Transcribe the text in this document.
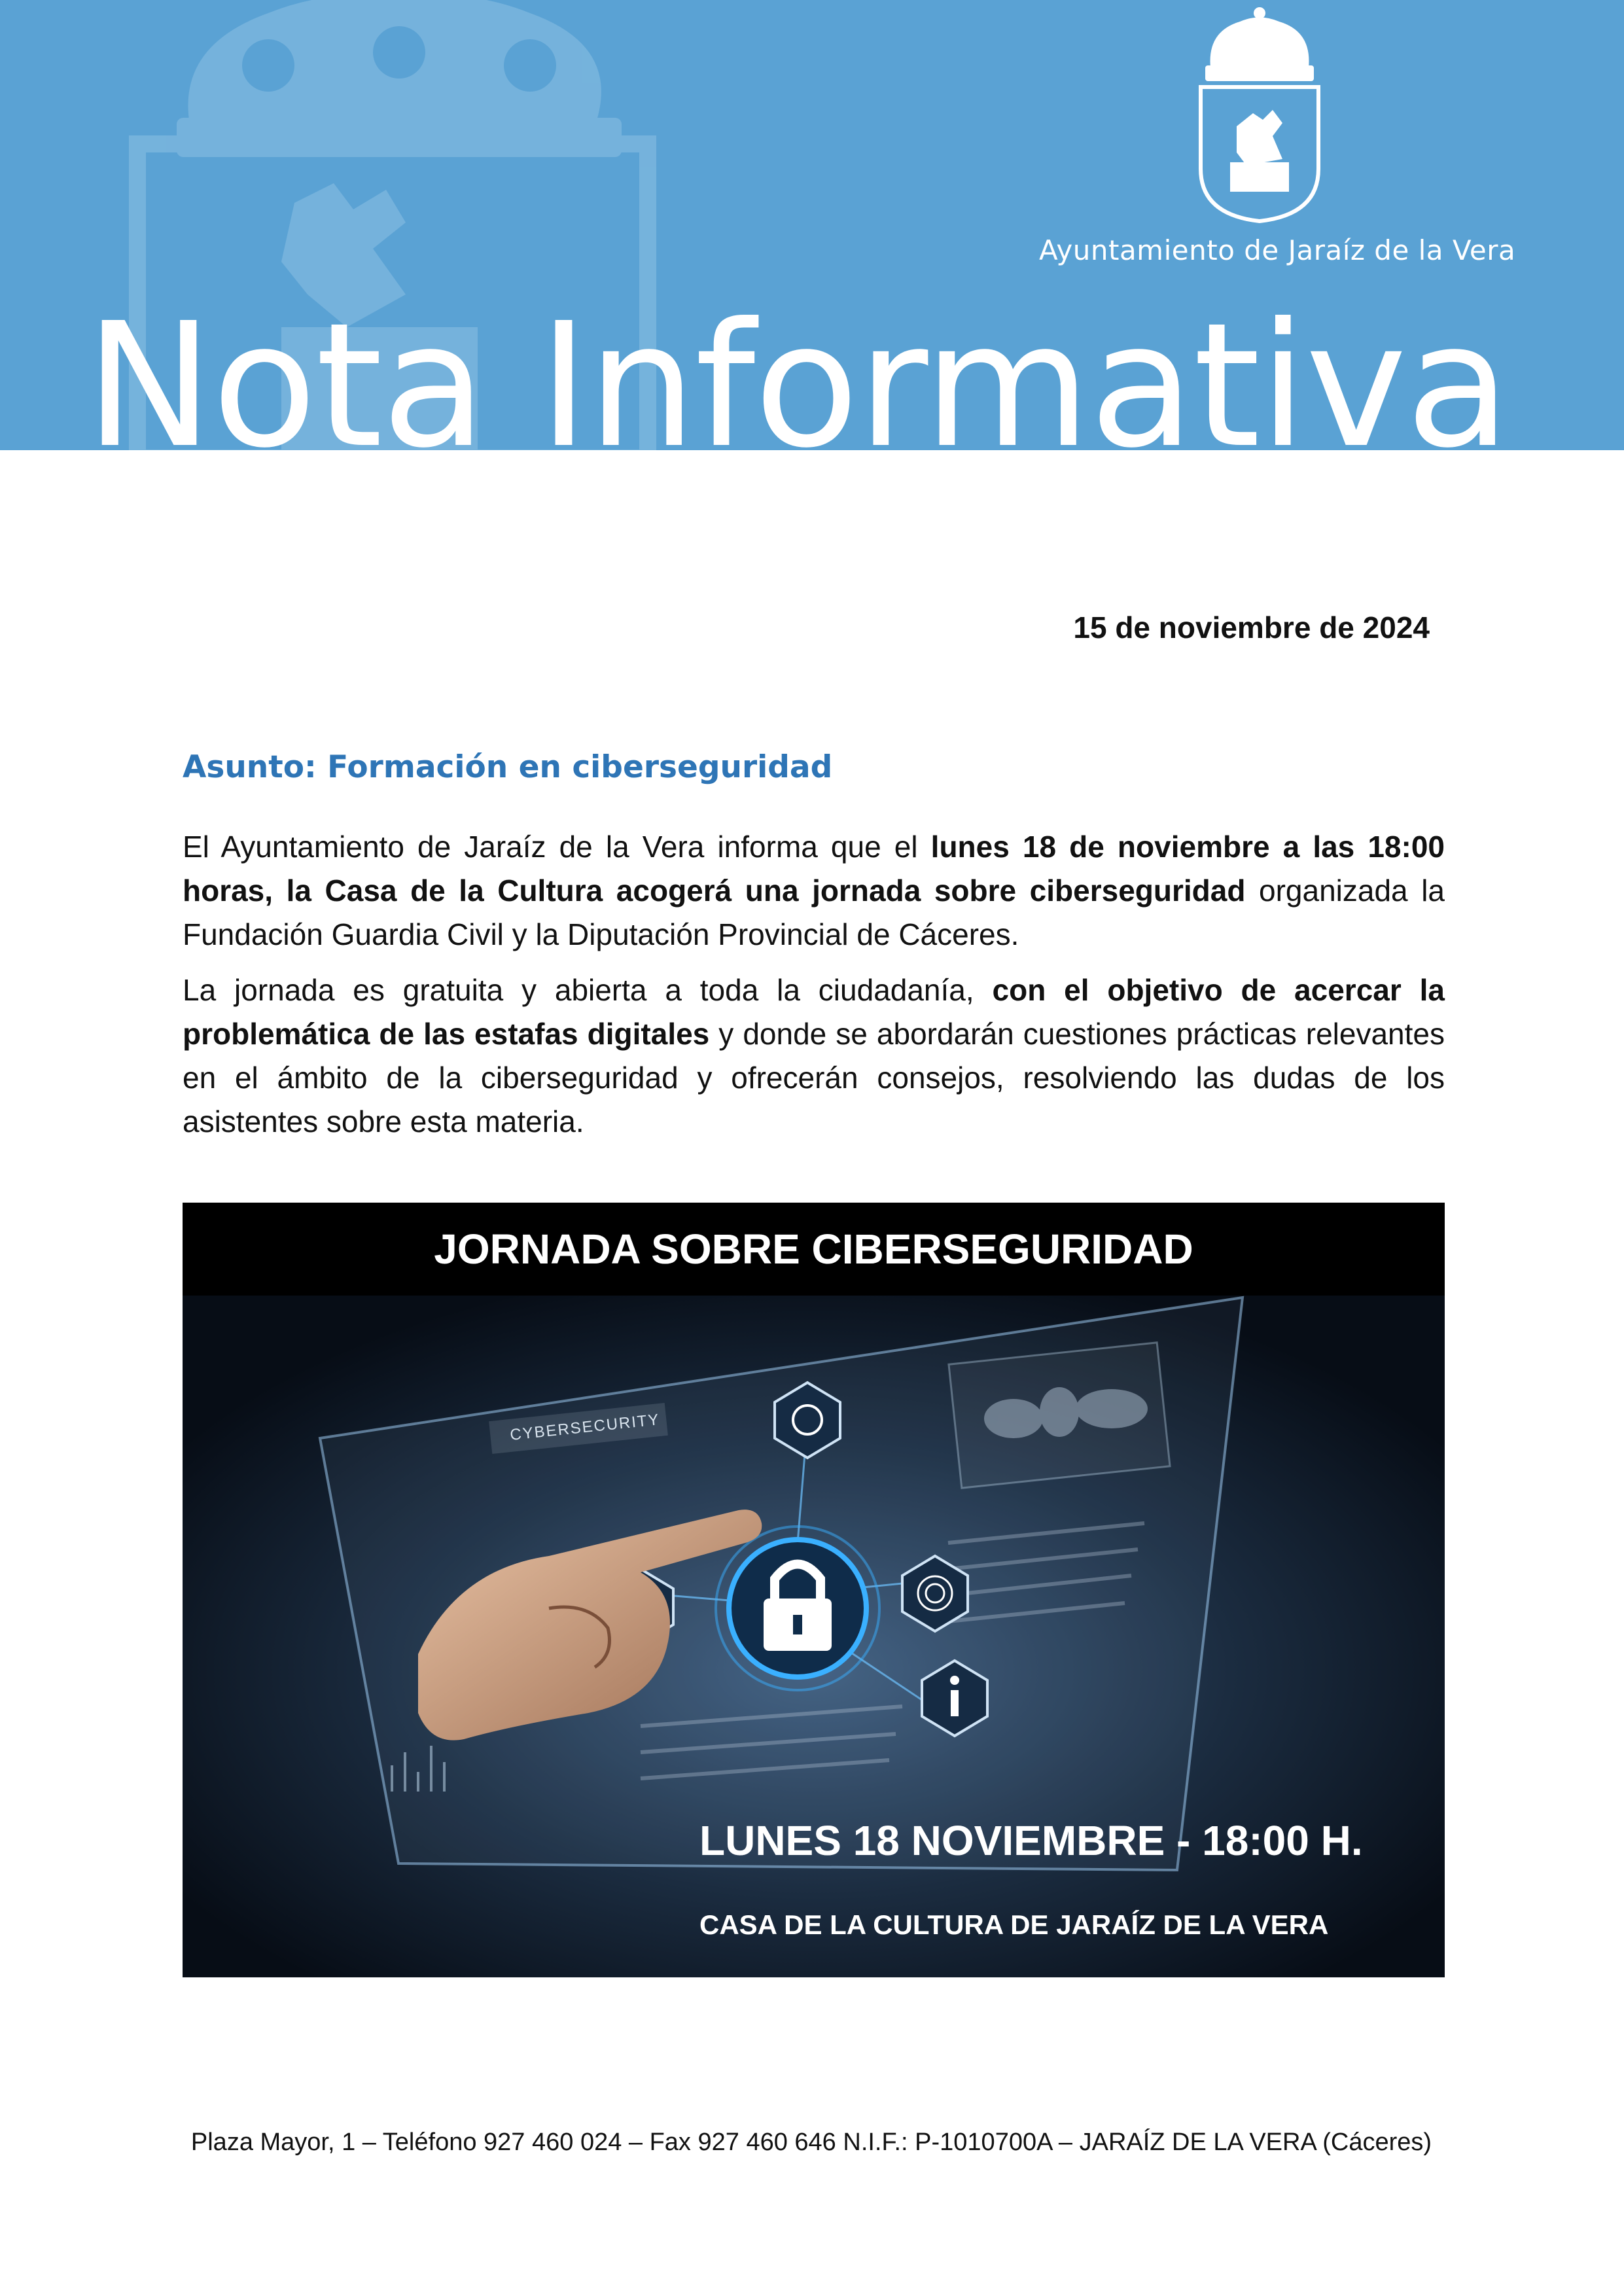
Ayuntamiento de Jaraíz de la Vera
Nota Informativa
15 de noviembre de 2024
Asunto: Formación en ciberseguridad

El Ayuntamiento de Jaraíz de la Vera informa que el lunes 18 de noviembre a las 18:00 horas, la Casa de la Cultura acogerá una jornada sobre ciberseguridad organizada la Fundación Guardia Civil y la Diputación Provincial de Cáceres.

La jornada es gratuita y abierta a toda la ciudadanía, con el objetivo de acercar la problemática de las estafas digitales y donde se abordarán cuestiones prácticas relevantes en el ámbito de la ciberseguridad y ofrecerán consejos, resolviendo las dudas de los asistentes sobre esta materia.

JORNADA SOBRE CIBERSEGURIDAD
CYBERSECURITY
LUNES 18 NOVIEMBRE - 18:00 H.
CASA DE LA CULTURA DE JARAÍZ DE LA VERA
Plaza Mayor, 1 – Teléfono 927 460 024 – Fax 927 460 646 N.I.F.: P-1010700A – JARAÍZ DE LA VERA (Cáceres)
